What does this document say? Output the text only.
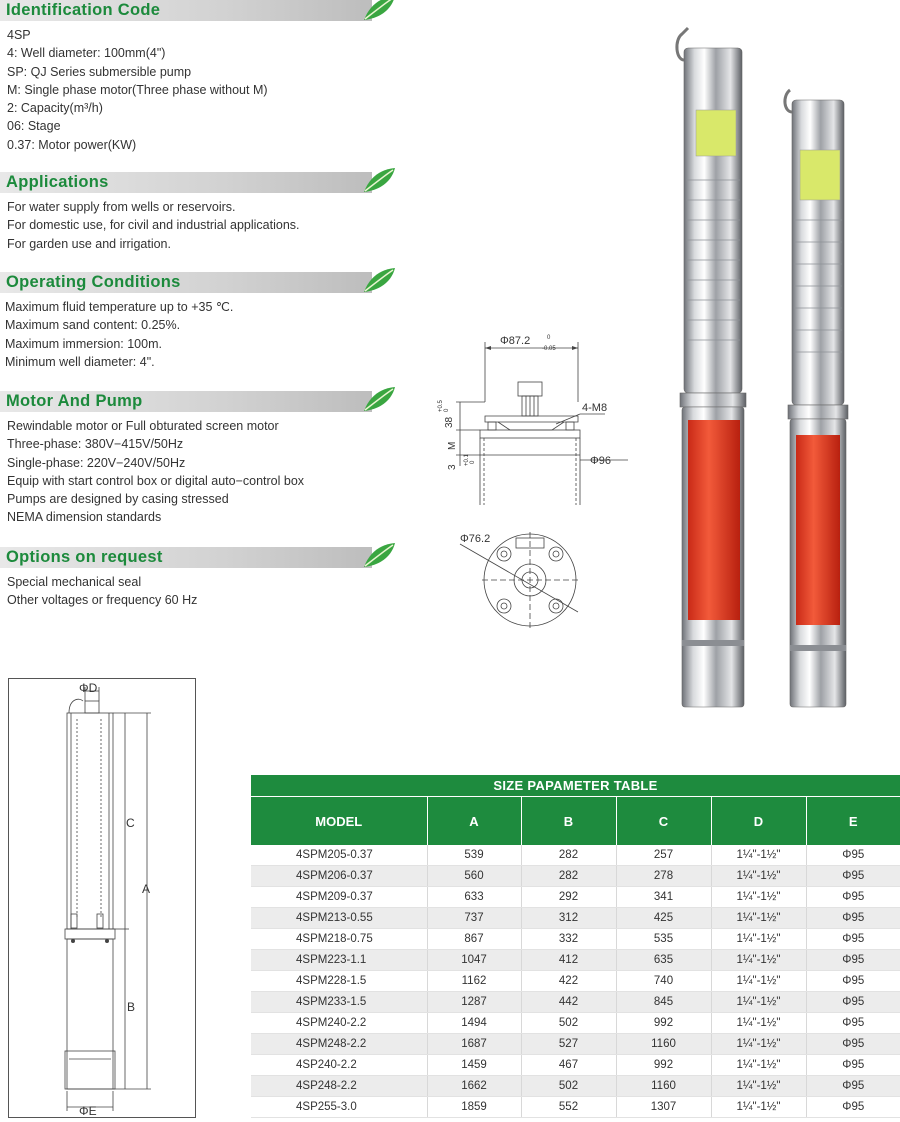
Identification Code
4SP
4: Well diameter: 100mm(4")
SP: QJ Series submersible pump
M: Single phase motor(Three phase without M)
2: Capacity(m³/h)
06: Stage
0.37: Motor power(KW)
Applications
For water supply from wells or reservoirs.
For domestic use, for civil and industrial applications.
For garden use and irrigation.
Operating Conditions
Maximum fluid temperature up to +35 ℃.
Maximum sand content: 0.25%.
Maximum immersion: 100m.
Minimum well diameter: 4".
Motor And Pump
Rewindable motor or Full obturated screen motor
Three-phase: 380V−415V/50Hz
Single-phase: 220V−240V/50Hz
Equip with start control box or digital auto−control box
Pumps are designed by casing stressed
NEMA dimension standards
Options on request
Special mechanical seal
Other voltages or frequency 60 Hz
Φ87.2	0
-0.05
4-M8
38
+0.5 0
M
3
+0.1 0	Φ96
Φ76.2
ΦD
C
A
B
ΦE
SIZE PAPAMETER TABLE					
MODEL	A	B	C	D	E
4SPM205-0.37	539	282	257	1¼"-1½"	Φ95
4SPM206-0.37	560	282	278	1¼"-1½"	Φ95
4SPM209-0.37	633	292	341	1¼"-1½"	Φ95
4SPM213-0.55	737	312	425	1¼"-1½"	Φ95
4SPM218-0.75	867	332	535	1¼"-1½"	Φ95
4SPM223-1.1	1047	412	635	1¼"-1½"	Φ95
4SPM228-1.5	1162	422	740	1¼"-1½"	Φ95
4SPM233-1.5	1287	442	845	1¼"-1½"	Φ95
4SPM240-2.2	1494	502	992	1¼"-1½"	Φ95
4SPM248-2.2	1687	527	1160	1¼"-1½"	Φ95
4SP240-2.2	1459	467	992	1¼"-1½"	Φ95
4SP248-2.2	1662	502	1160	1¼"-1½"	Φ95
4SP255-3.0	1859	552	1307	1¼"-1½"	Φ95
